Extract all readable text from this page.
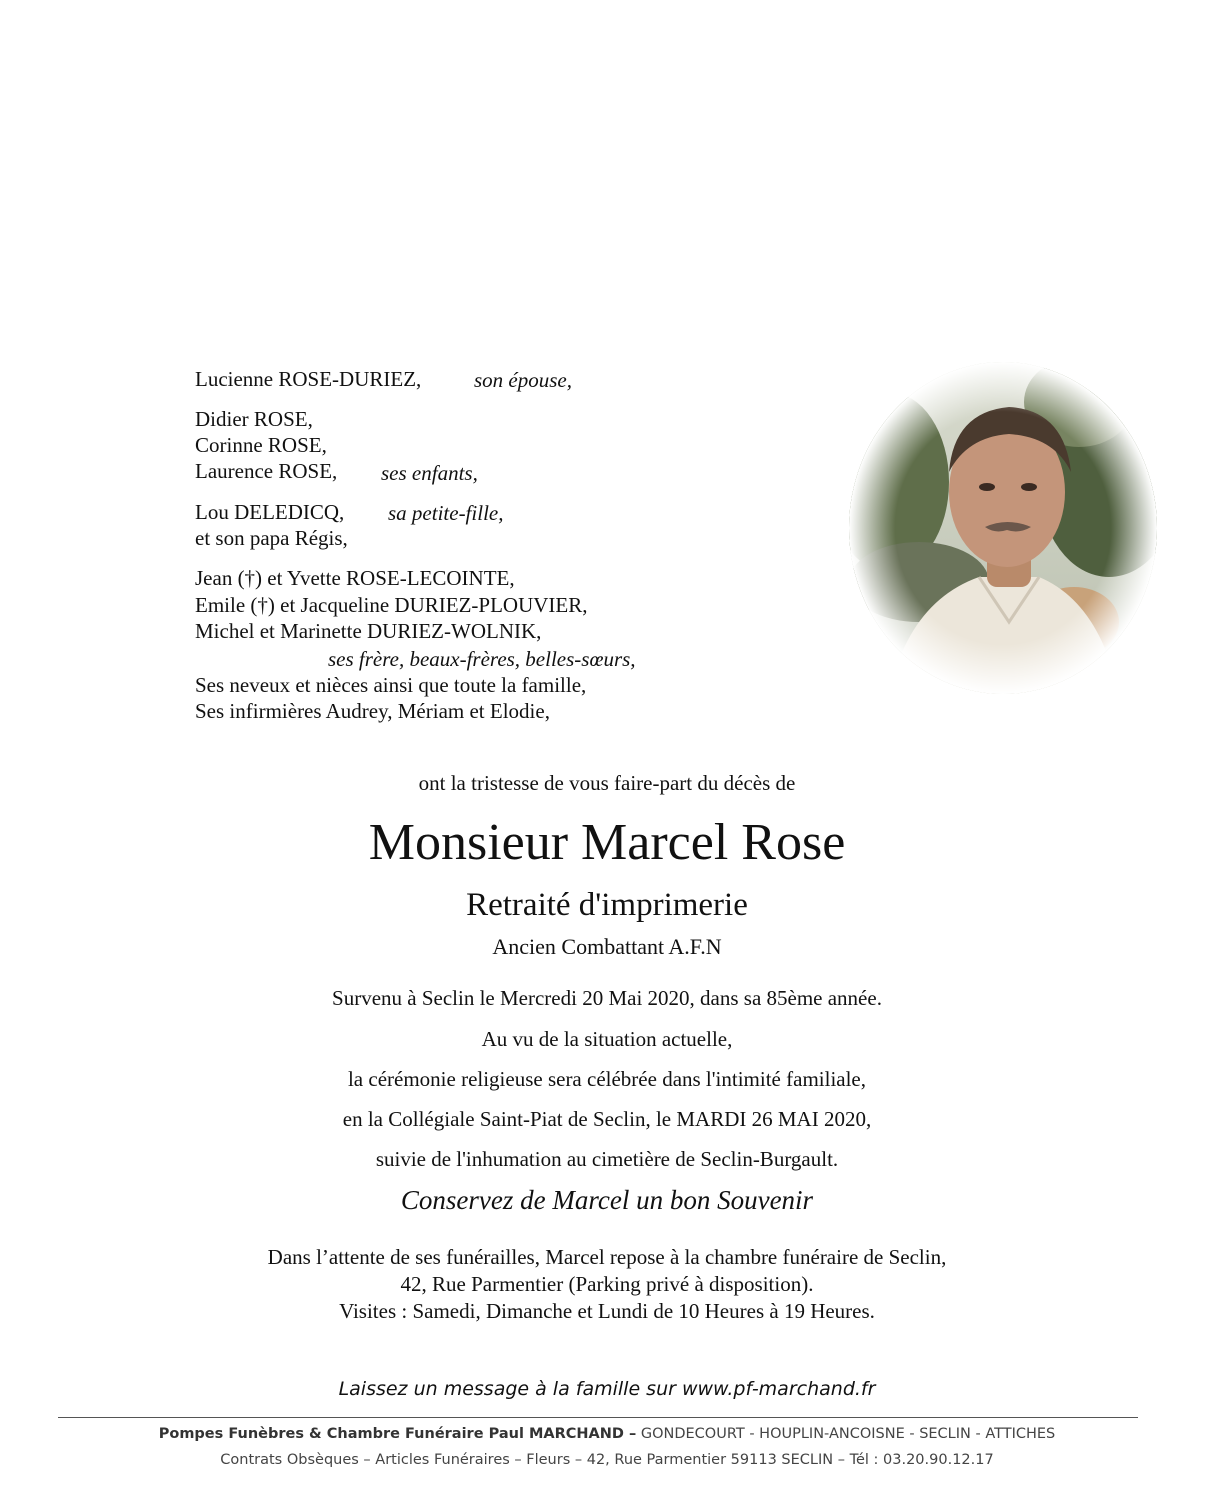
Lucienne ROSE-DURIEZ,	son épouse,
Didier ROSE,
Corinne ROSE,
Laurence ROSE, ses enfants,
Lou DELEDICQ, sa petite-fille,
et son papa Régis,
Jean (†) et Yvette ROSE-LECOINTE,
Emile (†) et Jacqueline DURIEZ-PLOUVIER,
Michel et Marinette DURIEZ-WOLNIK,
ses frère, beaux-frères, belles-sœurs,
Ses neveux et nièces ainsi que toute la famille,
Ses infirmières Audrey, Mériam et Elodie,
ont la tristesse de vous faire-part du décès de
Monsieur Marcel Rose
Retraité d'imprimerie
Ancien Combattant A.F.N
Survenu à Seclin le Mercredi 20 Mai 2020, dans sa 85ème année.
Au vu de la situation actuelle,
la cérémonie religieuse sera célébrée dans l'intimité familiale,
en la Collégiale Saint-Piat de Seclin, le MARDI 26 MAI 2020,
suivie de l'inhumation au cimetière de Seclin-Burgault.
Conservez de Marcel un bon Souvenir
Dans l’attente de ses funérailles, Marcel repose à la chambre funéraire de Seclin,
42, Rue Parmentier (Parking privé à disposition).
Visites : Samedi, Dimanche et Lundi de 10 Heures à 19 Heures.
Laissez un message à la famille sur www.pf-marchand.fr
Pompes Funèbres & Chambre Funéraire Paul MARCHAND – GONDECOURT - HOUPLIN-ANCOISNE - SECLIN - ATTICHES
Contrats Obsèques – Articles Funéraires – Fleurs – 42, Rue Parmentier 59113 SECLIN – Tél : 03.20.90.12.17
